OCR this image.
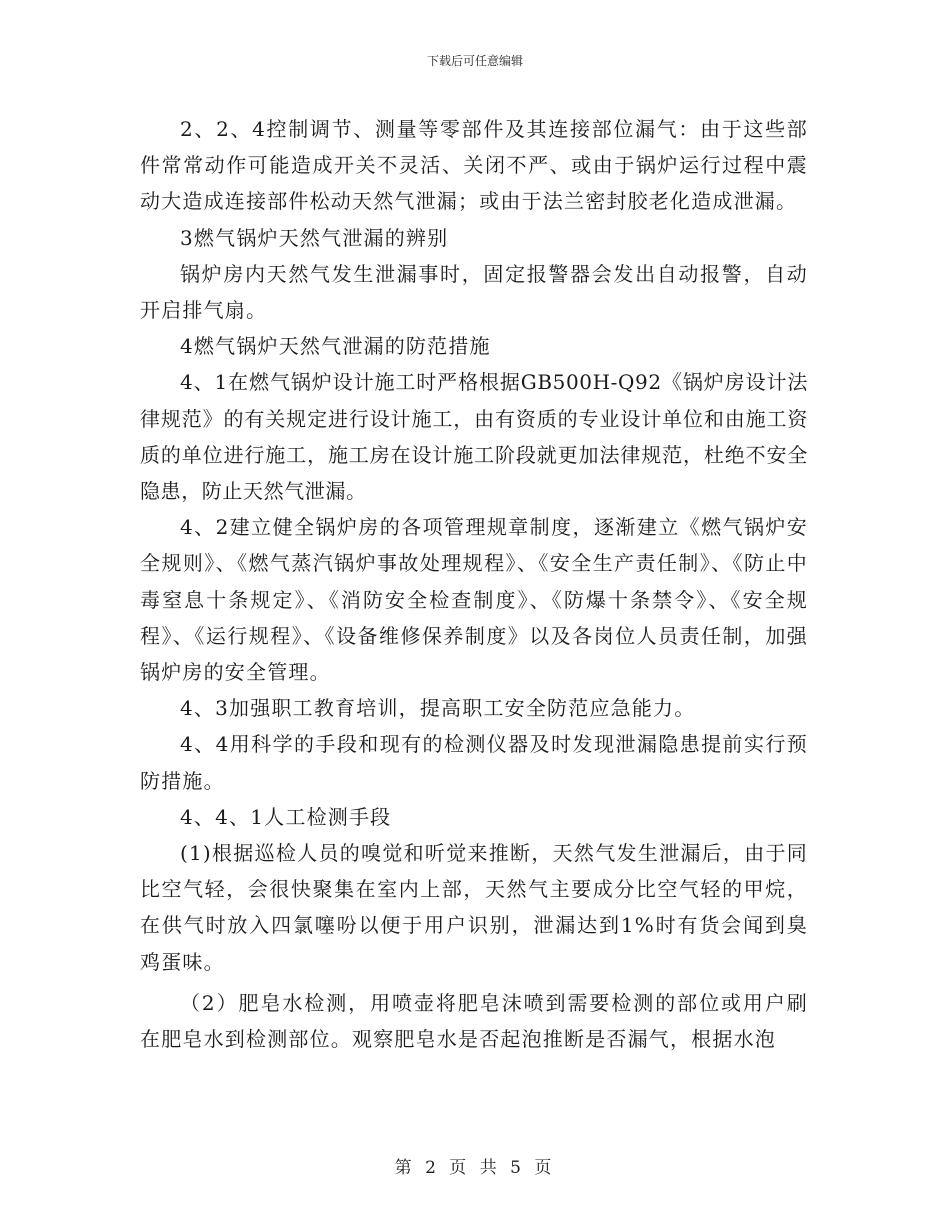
下载后可任意编辑

2、2、4控制调节、测量等零部件及其连接部位漏气：由于这些部件常常动作可能造成开关不灵活、关闭不严、或由于锅炉运行过程中震动大造成连接部件松动天然气泄漏；或由于法兰密封胶老化造成泄漏。

3燃气锅炉天然气泄漏的辨别

锅炉房内天然气发生泄漏事时，固定报警器会发出自动报警，自动开启排气扇。

4燃气锅炉天然气泄漏的防范措施

4、1在燃气锅炉设计施工时严格根据GB500H-Q92《锅炉房设计法律规范》的有关规定进行设计施工，由有资质的专业设计单位和由施工资质的单位进行施工，施工房在设计施工阶段就更加法律规范，杜绝不安全隐患，防止天然气泄漏。

4、2建立健全锅炉房的各项管理规章制度，逐渐建立《燃气锅炉安全规则》、《燃气蒸汽锅炉事故处理规程》、《安全生产责任制》、《防止中毒窒息十条规定》、《消防安全检查制度》、《防爆十条禁令》、《安全规程》、《运行规程》、《设备维修保养制度》以及各岗位人员责任制，加强锅炉房的安全管理。

4、3加强职工教育培训，提高职工安全防范应急能力。

4、4用科学的手段和现有的检测仪器及时发现泄漏隐患提前实行预防措施。

4、4、1人工检测手段

(1)根据巡检人员的嗅觉和听觉来推断，天然气发生泄漏后，由于同比空气轻，会很快聚集在室内上部，天然气主要成分比空气轻的甲烷，在供气时放入四氯噻吩以便于用户识别，泄漏达到1%时有货会闻到臭鸡蛋味。

（2）肥皂水检测，用喷壶将肥皂沫喷到需要检测的部位或用户刷在肥皂水到检测部位。观察肥皂水是否起泡推断是否漏气，根据水泡

第 2 页 共 5 页
